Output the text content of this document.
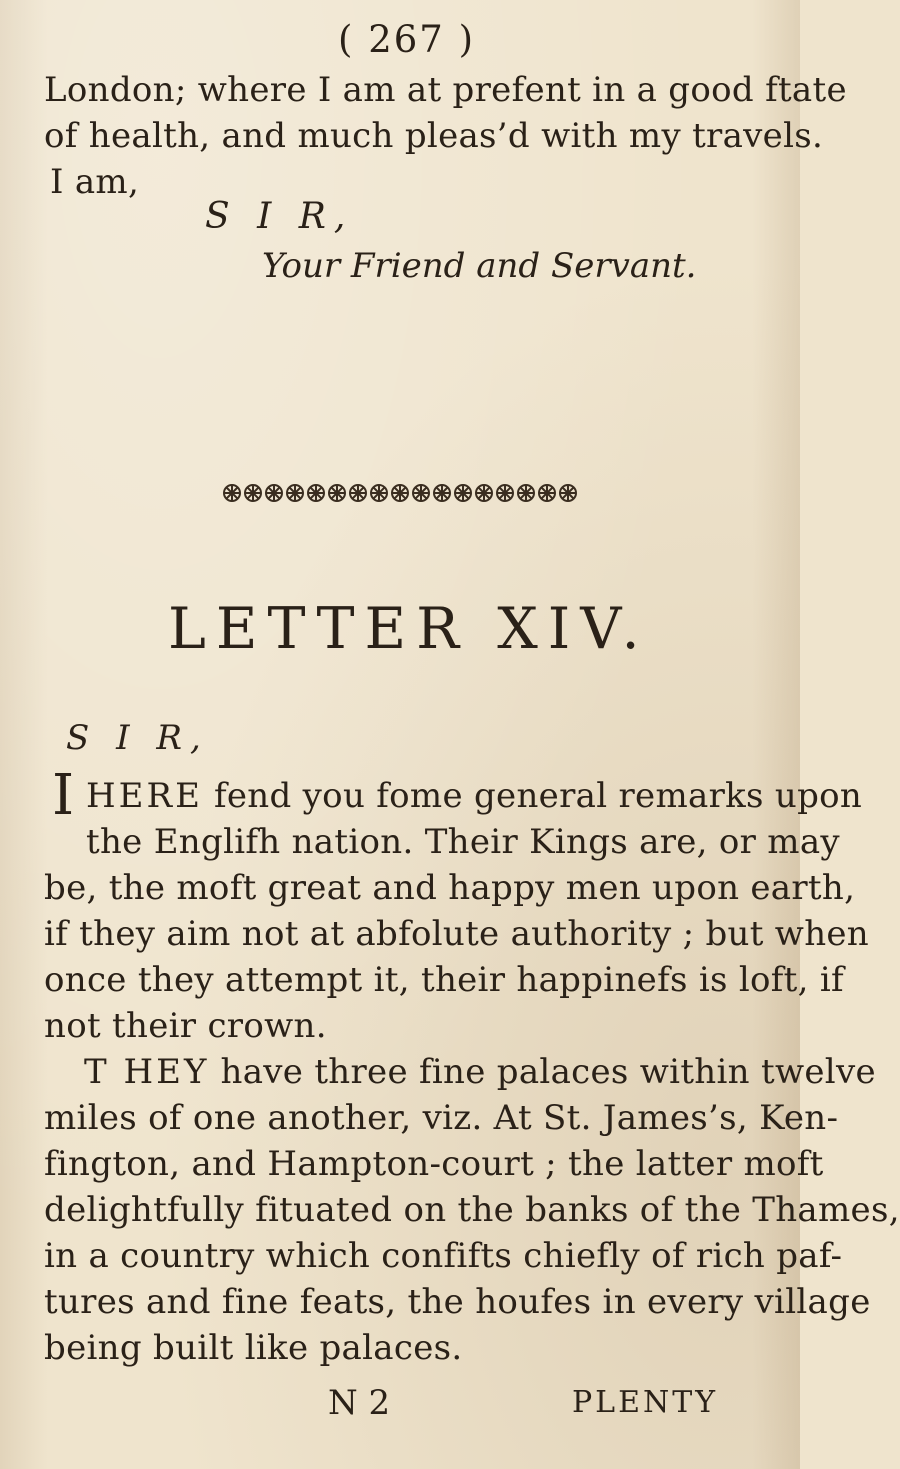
( 267 )
London; where I am at prefent in a good ftate
of health, and much pleas’d with my travels.
I am,
S I R,
Your Friend and Servant.
LETTER XIV.
S I R,
I HERE fend you fome general remarks upon
the Englifh nation. Their Kings are, or may
be, the moft great and happy men upon earth,
if they aim not at abfolute authority ; but when
once they attempt it, their happinefs is loft, if
not their crown.
T HEY have three fine palaces within twelve
miles of one another, viz. At St. James’s, Ken-
fington, and Hampton-court ; the latter moft
delightfully fituated on the banks of the Thames,
in a country which confifts chiefly of rich paf-
tures and fine feats, the houfes in every village
being built like palaces.
N 2	PLENTY
